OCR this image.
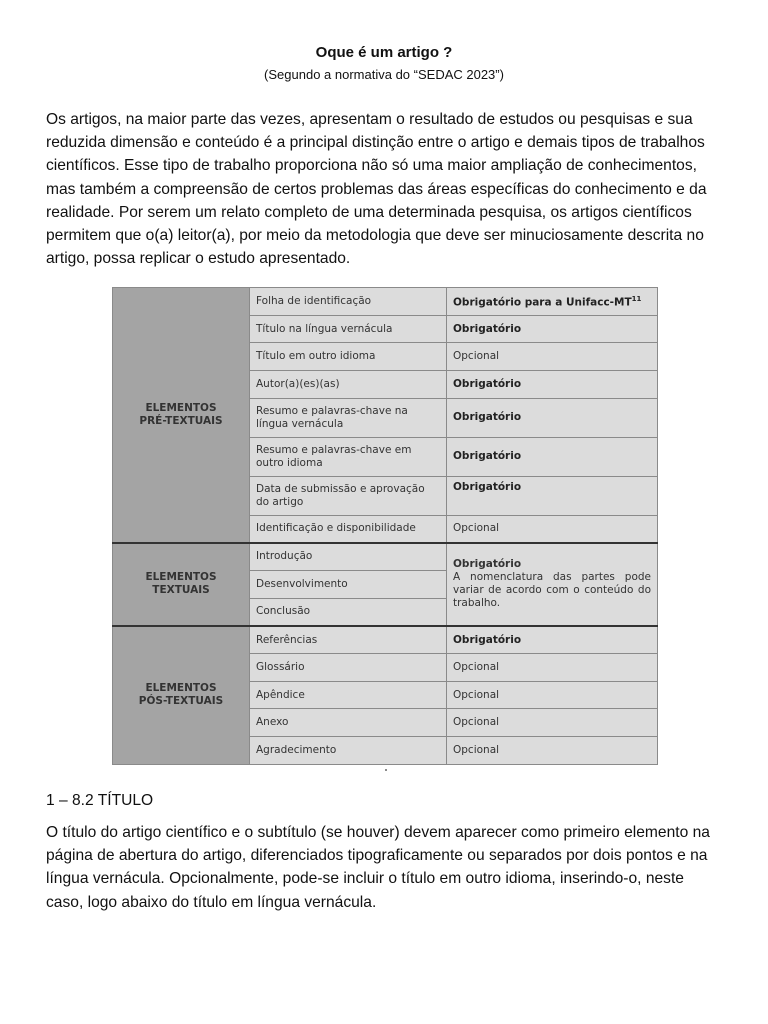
Oque é um artigo ?
(Segundo a normativa do “SEDAC 2023”)

Os artigos, na maior parte das vezes, apresentam o resultado de estudos ou pesquisas e sua reduzida dimensão e conteúdo é a principal distinção entre o artigo e demais tipos de trabalhos científicos. Esse tipo de trabalho proporciona não só uma maior ampliação de conhecimentos, mas também a compreensão de certos problemas das áreas específicas do conhecimento e da realidade. Por serem um relato completo de uma determinada pesquisa, os artigos científicos permitem que o(a) leitor(a), por meio da metodologia que deve ser minuciosamente descrita no artigo, possa replicar o estudo apresentado.

ELEMENTOS
PRÉ-TEXTUAIS	Folha de identificação	Obrigatório para a Unifacc-MT$^{11}$
	Título na língua vernácula	Obrigatório
	Título em outro idioma	Opcional
	Autor(a)(es)(as)	Obrigatório
	Resumo e palavras-chave na língua vernácula	Obrigatório
	Resumo e palavras-chave em outro idioma	Obrigatório
	Data de submissão e aprovação do artigo	Obrigatório
	Identificação e disponibilidade	Opcional
ELEMENTOS
TEXTUAIS	Introdução	Obrigatório
A nomenclatura das partes pode variar de acordo com o conteúdo do trabalho.

	Desenvolvimento	
	Conclusão	
ELEMENTOS
PÓS-TEXTUAIS	Referências	Obrigatório
	Glossário	Opcional
	Apêndice	Opcional
	Anexo	Opcional
	Agradecimento	Opcional
1 – 8.2 TÍTULO

O título do artigo científico e o subtítulo (se houver) devem aparecer como primeiro elemento na página de abertura do artigo, diferenciados tipograficamente ou separados por dois pontos e na língua vernácula. Opcionalmente, pode-se incluir o título em outro idioma, inserindo-o, neste caso, logo abaixo do título em língua vernácula.
